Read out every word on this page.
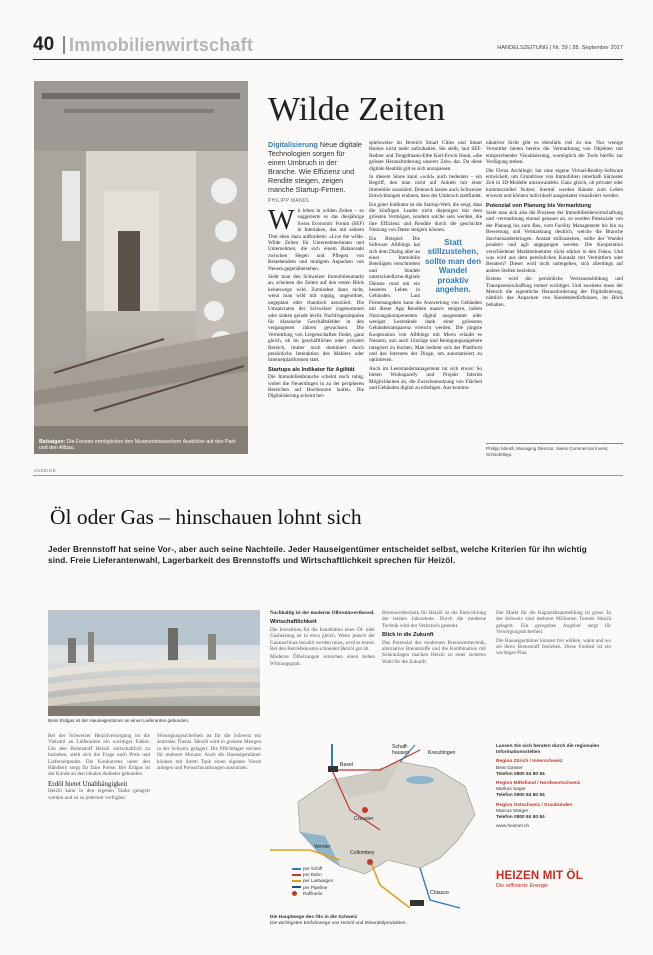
40 Immobilienwirtschaft	HANDELSZEITUNG | Nr. 39 | 28. September 2017
Balsaigen: Die Fenster ermöglichen den Museumsbesuchern Ausblicke auf den Park und den Altbau.
Wilde Zeiten
Digitalisierung Neue digitale Technologien sorgen für einen Umbruch in der Branche. Wie Effizienz und Rendite steigen, zeigen manche Startup-Firmen.
PHILIPP MANDL
W ir leben in wilden Zeiten – so suggerierte es das diesjährige Swiss Economic Forum (SEF) in Interlaken, das mit seinem Titel eben dazu aufforderte: «Live the wilde. Wilde Zeiten für Unternehmerinnen und Unternehmer, die sich einem Balanceakt zwischen Hegen und Pflegen von Bestehendem und mutigem Anpacken von Neuem gegenübersehen.

Sieht man den Schweizer Immobilienmarkt an, scheinen die Zeiten auf den ersten Blick keineswegs wild. Zumindest dann nicht, wenn man wild mit ruppig, ungeordnet, ungeplant oder chaotisch assoziiert. Die Umsatzraten der Schweizer zugenommen oder sinken gerade leicht. Nachfragesimpulse für klassische Geschäftsfelder in den vergangenen Jahren gewachsen. Die Vermittlung von Liegenschaften findet, ganz gleich, ob im geschäftlichen oder privaten Bereich, immer noch dominiert durch persönliche Interaktion des Maklers oder Internetplattformen statt.

Startups als Indikator für Agilität

Die Immobilienbranche scheint noch ruhig, wobei die Neuerdingen in zu der peripheren Bereichen auf Hochtouren laufen. Die Digitalisierung scheint bei-

spielsweise im Bereich Smart Cities und Smart Homes nicht mehr aufzuhalten. Sie stellt, laut SEF-Redner und Tongelmann-Erbe Karl-Erwin Haub, «die grösste Herausforderung unserer Zeit» dar. Da diese digitale Realität gilt es sich anzupassen.

In diesem Sinne kann «wild» auch bedeuten – ein Begriff, den man nicht auf Anhieb mit einer Immobilie assoziiert. Dennoch lassen auch Schweizer Entwicklungen erahnen, dass der Umbruch stattfindet.

Ein guter Indikator ist die Startup-Welt, die zeigt, dass die künftigen Leader nicht diejenigen mit dem grössten Vermögen, sondern solche sein werden, die ihre Effizienz und Rendite durch die geschickte Nutzung von Daten steigern können.

Statt stillzustehen, sollte man den Wandel proaktiv angehen.

Ein Beispiel: Die Software Allthings hat sich dem Dialog aller an einer Immobilie Beteiligten verschrieben und bündelt unterschiedliche digitale Dienste rund um ein besseres Leben in Gebäuden. Laut Firmenangaben kann die Auswertung von Gebäuden mit dieser App Renditen massiv steigern, indem Nutzungskomponenten digital ausgestattet oder weniger Leerstände dank einer grösseren Gebäudetransparenz erreicht werden. Die jüngste Kooperation von Allthings mit Movu erlaubt es Nutzern, nun auch Umzüge und Reinigungsangebote integriert zu buchen. Man bedient sich der Plattform und des Internets der Dinge, um automatisiert zu optimieren.

Auch im Leerstandsmanagement tut sich etwas: So bieten Workspacefy und Projekt Interim Möglichkeiten an, die Zwischennutzung von Flächen und Gebäuden digital zu erledigen. Aus kommu-

nikativer Sicht gibt es ebenfalls viel zu tun. Nur wenige Vermittler bieten bereits die Vermarktung von Objekten mit entsprechender Visualisierung, womöglich die Tools hierfür zur Verfügung stehen.

Die Firma Archilogic hat eine eigene Virtual-Reality-Software entwickelt, um Grundrisse von Immobilien innerhalb kürzester Zeit in 3D-Modelle umzuwandeln. Ganz gleich, ob privater oder kommerzieller Nutzer, hiermit werden Räume zum Leben erweckt und können individuell ausgestattet visualisiert werden.

Potenzial von Planung bis Vermarktung

Sieht man sich also die Prozesse der Immobilienbewirtschaftung und -vermarktung einmal genauer an, so werden Potenziale von der Planung bis zum Bau, vom Facility Management bis hin zu Bewertung und Vermarktung deutlich, welche die Branche durcheinanderbringen. Anstatt stillzustehen, sollte der Wandel proaktiv und agil angegangen werden. Die Kooperation verschiedener Marktteilnehmer rückt stärker in den Fokus. Und was wird aus dem persönlichen Kontakt mit Vermittlern oder Beratern? Dieser wird nicht untergehen, sich allerdings auf andere Stellen beziehen.

Erstens wird die persönliche Vertrauensbildung und Transparenzschaffung immer wichtiger. Und zweitens muss der Mensch die eigentliche Herausforderung der Digitalisierung, nämlich das Anpacken von Kundenbedürfnissen, im Blick behalten.

Philipp Mandl, Managing Director, Swiss Commercial Invest, Schindellegi.
ANZEIGE
Öl oder Gas – hinschauen lohnt sich
Jeder Brennstoff hat seine Vor-, aber auch seine Nachteile. Jeder Hauseigentümer entscheidet selbst, welche Kriterien für ihn wichtig sind. Freie Lieferantenwahl, Lagerbarkeit des Brennstoffs und Wirtschaftlichkeit sprechen für Heizöl.
Beim Erdgas ist der Hauseigentümer an einen Lieferanten gebunden.

Bei der Schweizer Heizölversorgung ist die Vielzahl an Lieferanten ein wichtiger Faktor. Um den Brennstoff Heizöl wirtschaftlich zu beziehen, stellt sich die Frage nach Preis und Lieferzeitpunkt. Die Konkurrenz unter den Händlern sorgt für faire Preise. Bei Erdgas ist der Kunde an den lokalen Anbieter gebunden.

Erdöl bietet Unabhängigkeit

Heizöl kann in den eigenen Tanks gelagert werden und ist so jederzeit verfügbar.

Versorgungssicherheit ist für die Schweiz ein zentrales Thema. Heizöl wird in grossen Mengen in der Schweiz gelagert. Die Pflichtlager reichen für mehrere Monate. Auch die Hauseigentümer können mit ihrem Tank einen eigenen Vorrat anlegen und Preisschwankungen ausnutzen.

Nachhaltig ist der moderne Ölbrennwertkessel.

Wirtschaftlichkeit

Die Investition für die Installation einer Öl- oder Gasheizung ist in etwa gleich. Wenn jedoch der Gasanschluss bezahlt werden muss, wird es teurer. Bei den Betriebskosten schneidet Heizöl gut ab.

Moderne Ölheizungen erreichen einen hohen Wirkungsgrad.

Brennwerttechnik für Heizöl ist die Entwicklung der letzten Jahrzehnte. Durch die moderne Technik wird der Verbrauch gesenkt.

Blick in die Zukunft

Das Potenzial der modernen Brennwerttechnik, alternative Brennstoffe und die Kombination mit Solaranlagen machen Heizöl zu einer sicheren Wahl für die Zukunft.

Der Markt für die Kapazitätsanmeldung ist gross. In der Schweiz sind mehrere Millionen Tonnen Heizöl gelagert. Ein geregeltes Angebot sorgt für Versorgungssicherheit.

Die Hauseigentümer können frei wählen, wann und wo sie ihren Brennstoff beziehen. Diese Freiheit ist ein wichtiges Plus.

Basel
Schaff-hausen	Kreuzlingen
Cressier
Vernier
Collombey
Chiasso
per Schiff
per Bahn
per Lastwagen
per Pipeline
Raffinerie
Die Hauptwege des Öls in die Schweiz
Die wichtigsten Einfuhrwege von Heizöl und Mineralölprodukten.
Lassen Sie sich beraten durch die regionalen Informationsstellen
Region Zürich / Innerschweiz
Beat Gasser
Telefon 0800 84 80 84
Region Mittelland / Nordwestschweiz
Markus Sager
Telefon 0800 84 80 84
Region Ostschweiz / Graubünden
Marcus Steiger
Telefon 0800 84 80 84
www.heizoel.ch
HEIZEN MIT ÖL
Die raffinierte Energie
